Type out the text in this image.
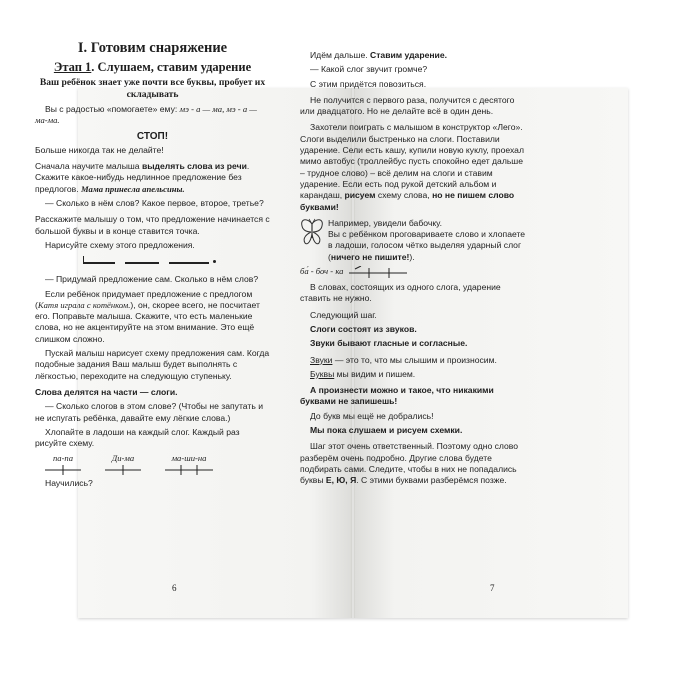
I. Готовим снаряжение
Этап 1. Слушаем, ставим ударение
Ваш ребёнок знает уже почти все буквы, пробует их складывать

Вы с радостью «помогаете» ему: мэ - а — ма, мэ - а — ма-ма.

СТОП!

Больше никогда так не делайте!

Сначала научите малыша выделять слова из речи. Скажите какое-нибудь недлинное предложение без предлогов. Мама принесла апельсины.

— Сколько в нём слов? Какое первое, второе, третье?

Расскажите малышу о том, что предложение начинается с большой буквы и в конце ставится точка.

Нарисуйте схему этого предложения.

— Придумай предложение сам. Сколько в нём слов?

Если ребёнок придумает предложение с предлогом (Катя играла с котёнком.), он, скорее всего, не посчитает его. Поправьте малыша. Скажите, что есть маленькие слова, но не акцентируйте на этом внимание. Это ещё слишком сложно.

Пускай малыш нарисует схему предложения сам. Когда подобные задания Ваш малыш будет выполнять с лёгкостью, переходите на следующую ступеньку.

Слова делятся на части — слоги.

— Сколько слогов в этом слове? (Чтобы не запутать и не испугать ребёнка, давайте ему лёгкие слова.)

Хлопайте в ладоши на каждый слог. Каждый раз рисуйте схему.

па-па	Ди-ма	ма-ши-на

Научились?

6

Идём дальше. Ставим ударение.

— Какой слог звучит громче?

С этим придётся повозиться.

Не получится с первого раза, получится с десятого или двадцатого. Но не делайте всё в один день.

Захотели поиграть с малышом в конструктор «Лего». Слоги выделили быстренько на слоги. Поставили ударение. Сели есть кашу, купили новую куклу, проехал мимо автобус (троллейбус пусть спокойно едет дальше – трудное слово) – всё делим на слоги и ставим ударение. Если есть под рукой детский альбом и карандаш, рисуем схему слова, но не пишем слово буквами!

Например, увидели бабочку.
Вы с ребёнком проговариваете слово и хлопаете в ладоши, голосом чётко выделяя ударный слог (ничего не пишите!).

ба́ - боч - ка

В словах, состоящих из одного слога, ударение ставить не нужно.

Следующий шаг.

Слоги состоят из звуков.

Звуки бывают гласные и согласные.

Звуки — это то, что мы слышим и произносим.

Буквы мы видим и пишем.

А произнести можно и такое, что никакими буквами не запишешь!

До букв мы ещё не добрались!

Мы пока слушаем и рисуем схемки.

Шаг этот очень ответственный. Поэтому одно слово разберём очень подробно. Другие слова будете подбирать сами. Следите, чтобы в них не попадались буквы Е, Ю, Я. С этими буквами разберёмся позже.

7
